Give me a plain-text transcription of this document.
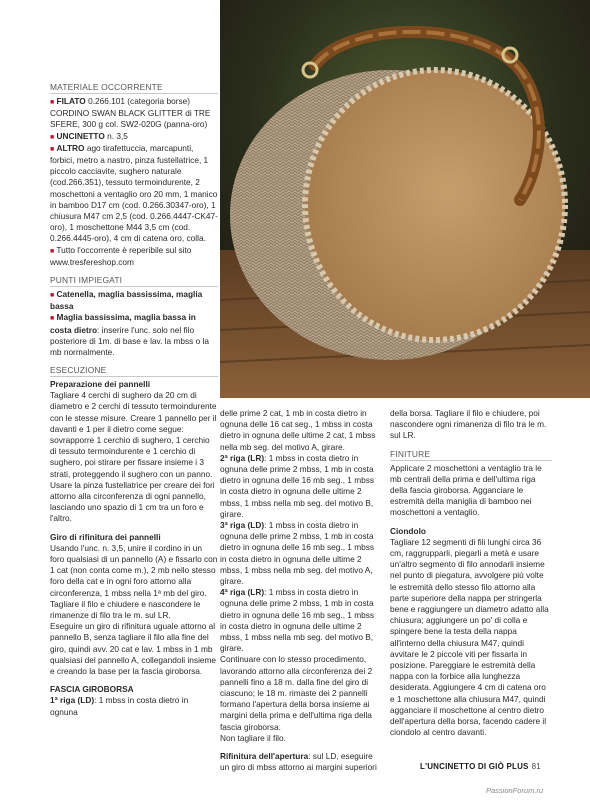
MATERIALE OCCORRENTE

■ FILATO 0.266.101 (categoria borse) CORDINO SWAN BLACK GLITTER di TRE SFERE, 300 g col. SW2-020G (panna-oro)

■ UNCINETTO n. 3,5

■ ALTRO ago tirafettuccia, marcapunti, forbici, metro a nastro, pinza fustellatrice, 1 piccolo cacciavite, sughero naturale (cod.266.351), tessuto termoindurente, 2 moschettoni a ventaglio oro 20 mm, 1 manico in bamboo D17 cm (cod. 0.266.30347-oro), 1 chiusura M47 cm 2,5 (cod. 0.266.4447-CK47-oro), 1 moschettone M44 3,5 cm (cod. 0.266.4445-oro), 4 cm di catena oro, colla.

■ Tutto l'occorrente è reperibile sul sito www.tresfereshop.com

PUNTI IMPIEGATI

■ Catenella, maglia bassissima, maglia bassa

■ Maglia bassissima, maglia bassa in costa dietro: inserire l'unc. solo nel filo posteriore di 1m. di base e lav. la mbss o la mb normalmente.

ESECUZIONE

Preparazione dei pannelli

Tagliare 4 cerchi di sughero da 20 cm di diametro e 2 cerchi di tessuto termoindurente con le stesse misure. Creare 1 pannello per il davanti e 1 per il dietro come segue: sovrapporre 1 cerchio di sughero, 1 cerchio di tessuto termoindurente e 1 cerchio di sughero, poi stirare per fissare insieme i 3 strati, proteggendo il sughero con un panno. Usare la pinza fustellatrice per creare dei fori attorno alla circonferenza di ogni pannello, lasciando uno spazio di 1 cm tra un foro e l'altro.

Giro di rifinitura dei pannelli

Usando l'unc. n. 3,5, unire il cordino in un foro qualsiasi di un pannello (A) e fissarlo con 1 cat (non conta come m.), 2 mb nello stesso foro della cat e in ogni foro attorno alla circonferenza, 1 mbss nella 1ª mb del giro.

Tagliare il filo e chiudere e nascondere le rimanenze di filo tra le m. sul LR.

Eseguire un giro di rifinitura uguale attorno al pannello B, senza tagliare il filo alla fine del giro, quindi avv. 20 cat e lav. 1 mbss in 1 mb qualsiasi del pannello A, collegandoli insieme e creando la base per la fascia giroborsa.

FASCIA GIROBORSA

1ª riga (LD): 1 mbss in costa dietro in ognuna

delle prime 2 cat, 1 mb in costa dietro in ognuna delle 16 cat seg., 1 mbss in costa dietro in ognuna delle ultime 2 cat, 1 mbss nella mb seg. del motivo A, girare.

2ª riga (LR): 1 mbss in costa dietro in ognuna delle prime 2 mbss, 1 mb in costa dietro in ognuna delle 16 mb seg., 1 mbss in costa dietro in ognuna delle ultime 2 mbss, 1 mbss nella mb seg. del motivo B, girare.

3ª riga (LD): 1 mbss in costa dietro in ognuna delle prime 2 mbss, 1 mb in costa dietro in ognuna delle 16 mb seg., 1 mbss in costa dietro in ognuna delle ultime 2 mbss, 1 mbss nella mb seg. del motivo A, girare.

4ª riga (LR): 1 mbss in costa dietro in ognuna delle prime 2 mbss, 1 mb in costa dietro in ognuna delle 16 mb seg., 1 mbss in costa dietro in ognuna delle ultime 2 mbss, 1 mbss nella mb seg. del motivo B, girare.

Continuare con lo stesso procedimento, lavorando attorno alla circonferenza dei 2 pannelli fino a 18 m. dalla fine del giro di ciascuno; le 18 m. rimaste dei 2 pannelli formano l'apertura della borsa insieme ai margini della prima e dell'ultima riga della fascia giroborsa.

Non tagliare il filo.

Rifinitura dell'apertura: sul LD, eseguire un giro di mbss attorno ai margini superiori

della borsa. Tagliare il filo e chiudere, poi nascondere ogni rimanenza di filo tra le m. sul LR.

FINITURE

Applicare 2 moschettoni a ventaglio tra le mb centrali della prima e dell'ultima riga della fascia giroborsa. Agganciare le estremità della maniglia di bamboo nei moschettoni a ventaglio.

Ciondolo

Tagliare 12 segmenti di fili lunghi circa 36 cm, raggrupparli, piegarli a metà e usare un'altro segmento di filo annodarli insieme nel punto di piegatura, avvolgere più volte le estremità dello stesso filo attorno alla parte superiore della nappa per stringerla bene e raggiungere un diametro adatto alla chiusura; aggiungere un po' di colla e spingere bene la testa della nappa all'interno della chiusura M47, quindi avvitare le 2 piccole viti per fissarla in posizione. Pareggiare le estremità della nappa con la forbice alla lunghezza desiderata. Aggiungere 4 cm di catena oro e 1 moschettone alla chiusura M47, quindi agganciare il moschettone al centro dietro dell'apertura della borsa, facendo cadere il ciondolo al centro davanti.

L'UNCINETTO DI GIÒ PLUS 81
PassionForum.ru
